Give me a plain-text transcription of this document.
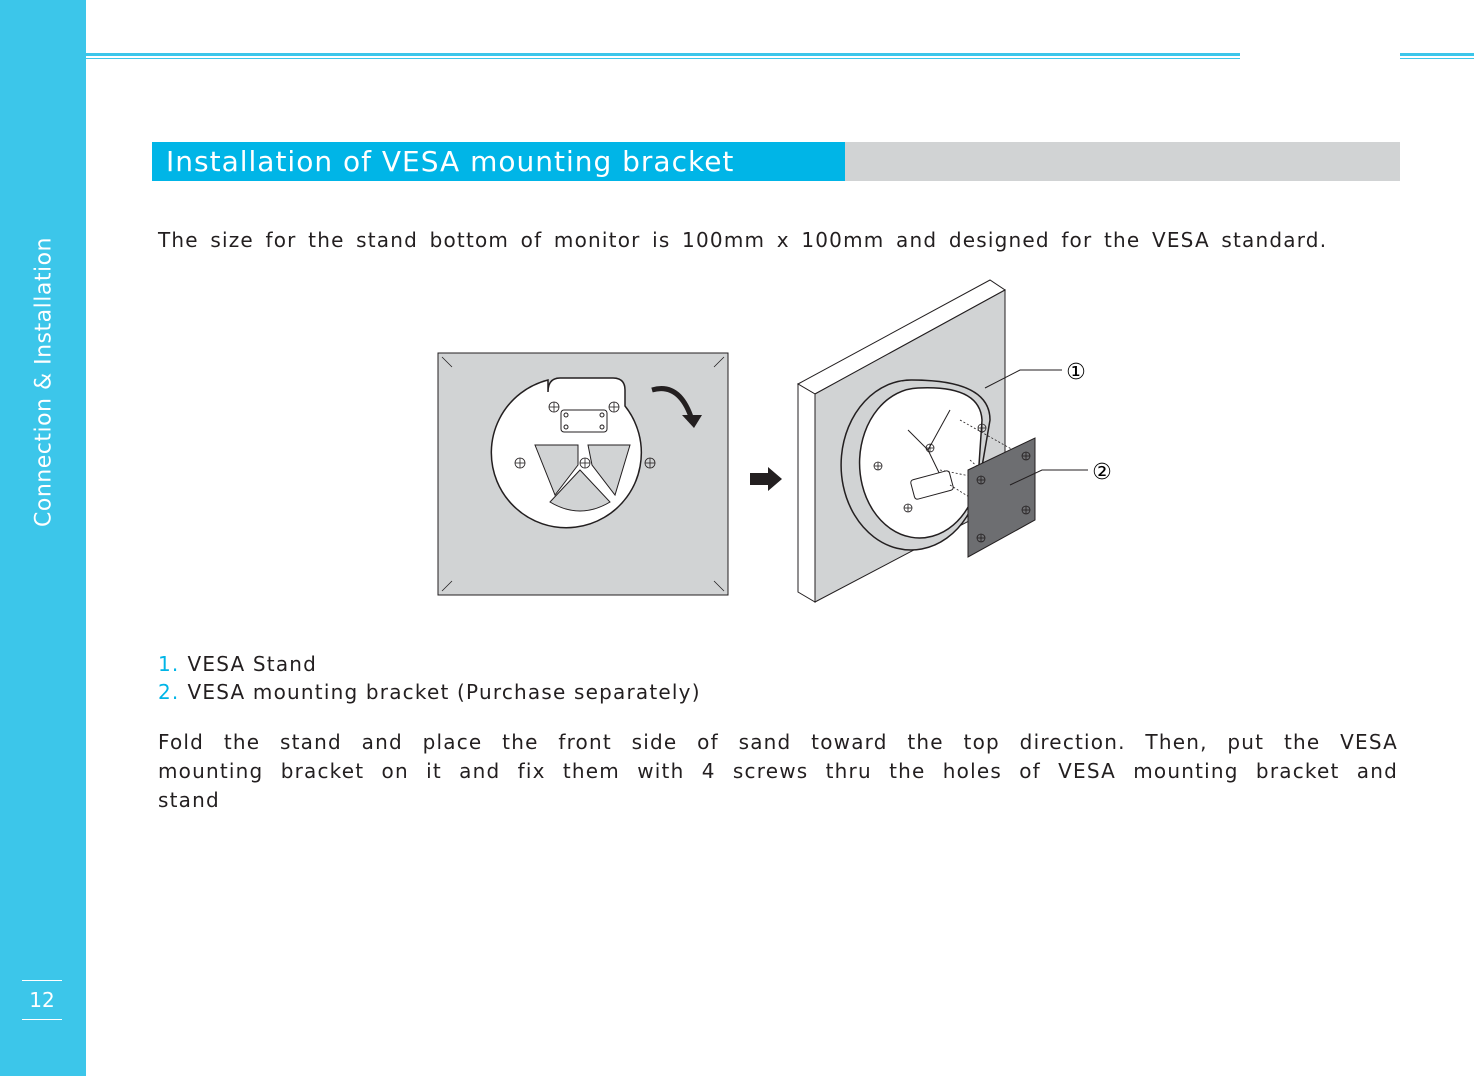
Connection & Installation
12
Installation of VESA mounting bracket
The size for the stand bottom of monitor is 100mm x 100mm and designed for the VESA standard.
①
②
1. VESA Stand
2. VESA mounting bracket (Purchase separately)
Fold the stand and place the front side of sand toward the top direction. Then, put the VESA mounting bracket on it and fix them with 4 screws thru the holes of VESA mounting bracket and stand
